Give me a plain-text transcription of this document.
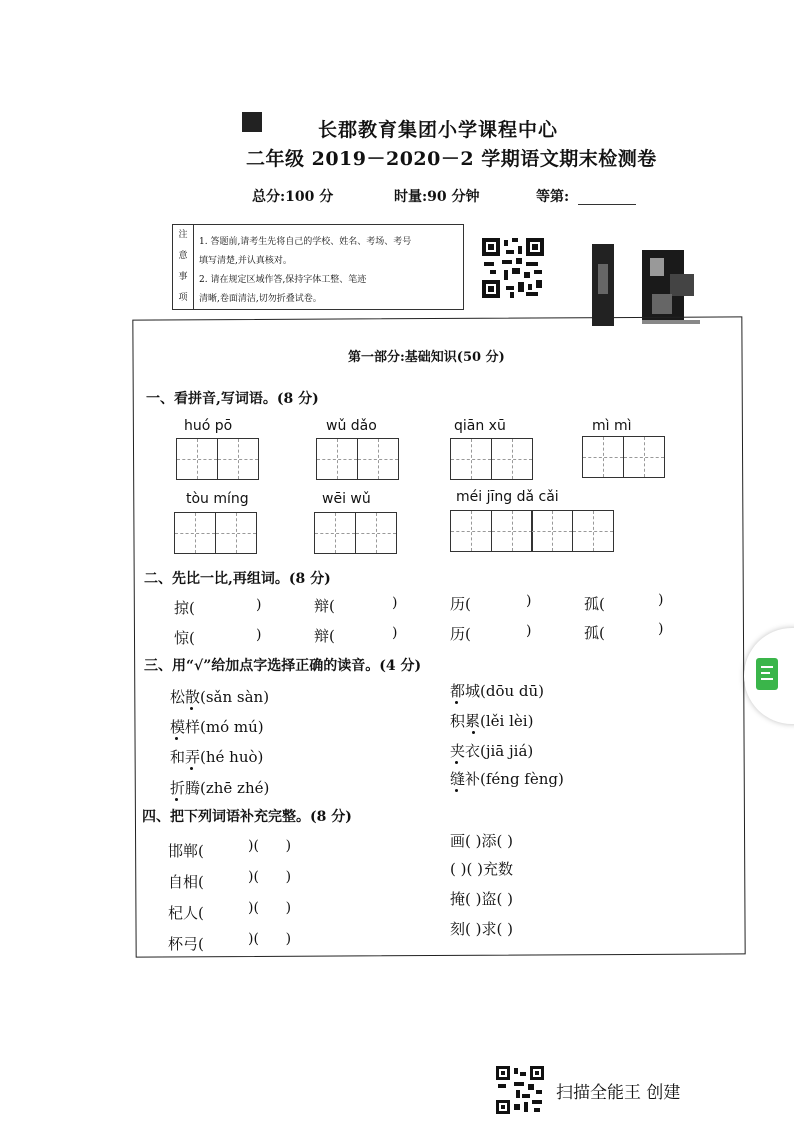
长郡教育集团小学课程中心
二年级 2019－2020－2 学期语文期末检测卷
总分:100 分	时量:90 分钟	等第:
注
意
事
项
1. 答题前,请考生先将自己的学校、姓名、考场、考号
填写清楚,并认真核对。
2. 请在规定区域作答,保持字体工整、笔迹
清晰,卷面清洁,切勿折叠试卷。
第一部分:基础知识(50 分)
一、看拼音,写词语。(8 分)
huó pō	wǔ dǎo	qiān xū	mì mì
tòu míng	wēi wǔ	méi jīng dǎ cǎi
二、先比一比,再组词。(8 分)
掠(	)	辩(	)	历(	)	孤(	)
惊(	)	辩(	)	历(	)	孤(	)
三、用“√”给加点字选择正确的读音。(4 分)
松散(sǎn sàn)
模样(mó mú)
和弄(hé huò)
折腾(zhē zhé)
都城(dōu dū)
积累(lěi lèi)
夹衣(jiā jiá)
缝补(féng fèng)
四、把下列词语补充完整。(8 分)
邯郸(	)( )
自相(	)( )
杞人(	)( )
杯弓(	)( )
画( )添( )
( )( )充数
掩( )盗( )
刻( )求( )
扫描全能王 创建
